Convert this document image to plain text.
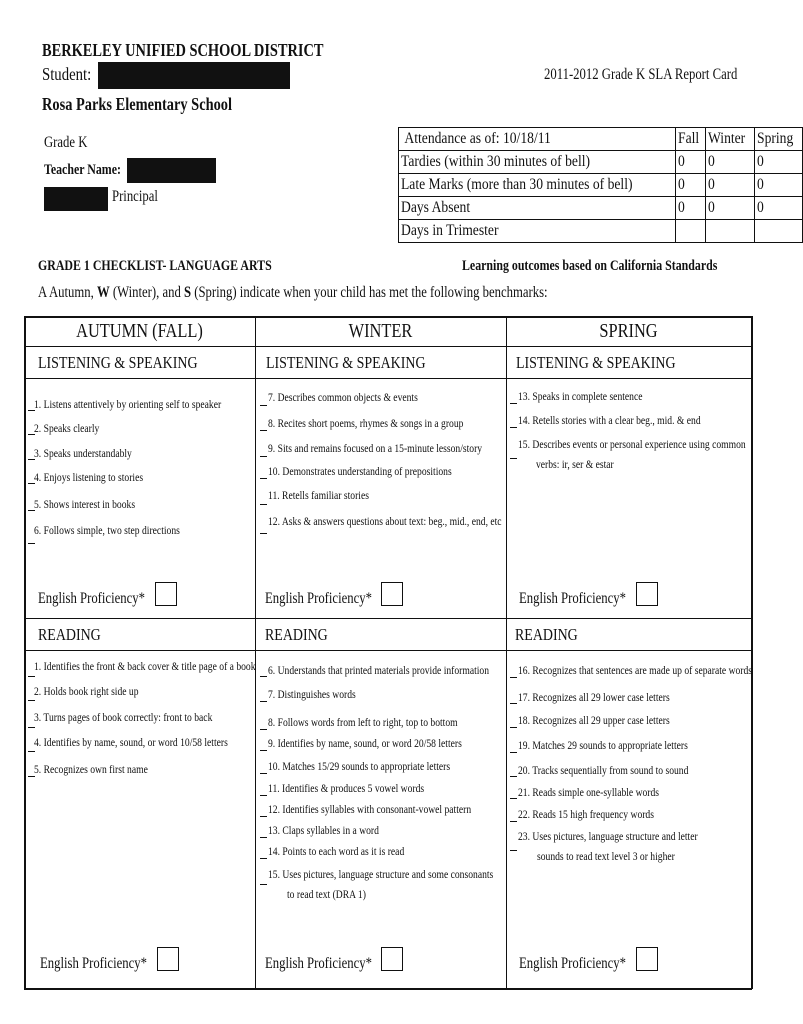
BERKELEY UNIFIED SCHOOL DISTRICT
Student:	2011-2012 Grade K SLA Report Card
Rosa Parks Elementary School
Grade K
Teacher Name:
Principal
Attendance as of: 10/18/11	Fall	Winter	Spring
Tardies (within 30 minutes of bell)	0	0	0
Late Marks (more than 30 minutes of bell)	0	0	0
Days Absent	0	0	0
Days in Trimester			
GRADE 1 CHECKLIST- LANGUAGE ARTS	Learning outcomes based on California Standards
A Autumn, W (Winter), and S (Spring) indicate when your child has met the following benchmarks:
AUTUMN (FALL)	WINTER	SPRING
LISTENING & SPEAKING	LISTENING & SPEAKING	LISTENING & SPEAKING
1. Listens attentively by orienting self to speaker
2. Speaks clearly
3. Speaks understandably
4. Enjoys listening to stories
5. Shows interest in books
6. Follows simple, two step directions
7. Describes common objects & events
8. Recites short poems, rhymes & songs in a group
9. Sits and remains focused on a 15-minute lesson/story
10. Demonstrates understanding of prepositions
11. Retells familiar stories
12. Asks & answers questions about text: beg., mid., end, etc
13. Speaks in complete sentence
14. Retells stories with a clear beg., mid. & end
15. Describes events or personal experience using common
verbs: ir, ser & estar
English Proficiency*	English Proficiency*	English Proficiency*
READING	READING	READING
1. Identifies the front & back cover & title page of a book
2. Holds book right side up
3. Turns pages of book correctly: front to back
4. Identifies by name, sound, or word 10/58 letters
5. Recognizes own first name
6. Understands that printed materials provide information
7. Distinguishes words
8. Follows words from left to right, top to bottom
9. Identifies by name, sound, or word 20/58 letters
10. Matches 15/29 sounds to appropriate letters
11. Identifies & produces 5 vowel words
12. Identifies syllables with consonant-vowel pattern
13. Claps syllables in a word
14. Points to each word as it is read
15. Uses pictures, language structure and some consonants
to read text (DRA 1)
16. Recognizes that sentences are made up of separate words
17. Recognizes all 29 lower case letters
18. Recognizes all 29 upper case letters
19. Matches 29 sounds to appropriate letters
20. Tracks sequentially from sound to sound
21. Reads simple one-syllable words
22. Reads 15 high frequency words
23. Uses pictures, language structure and letter
sounds to read text level 3 or higher
English Proficiency*	English Proficiency*	English Proficiency*
